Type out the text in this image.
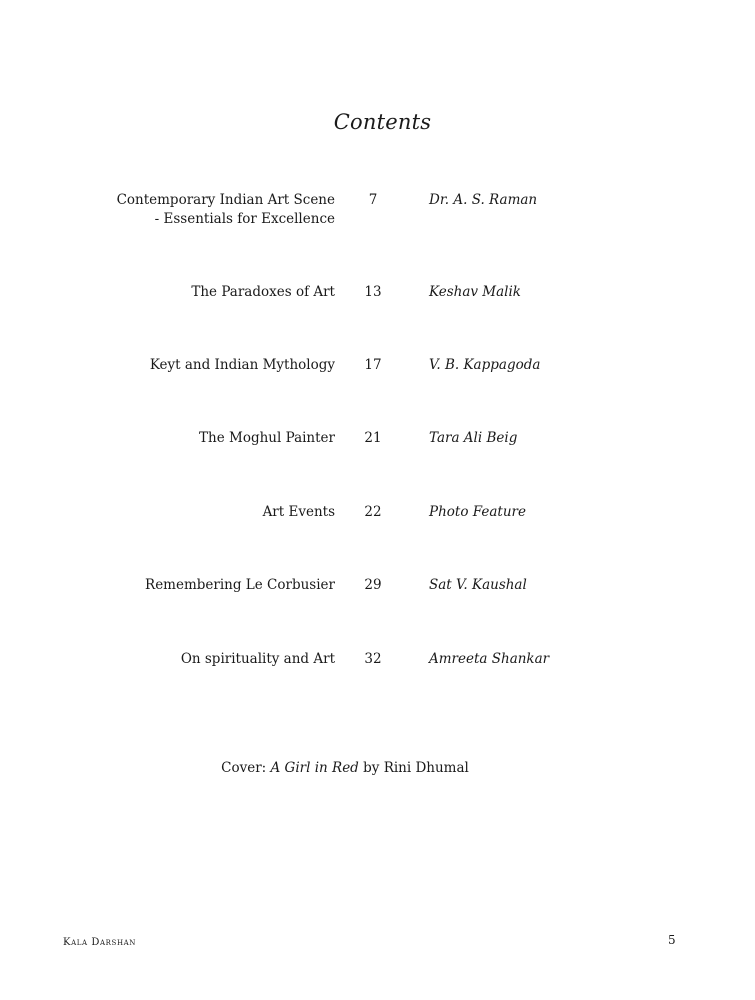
Contents
Contemporary Indian Art Scene
- Essentials for Excellence
7	Dr. A. S. Raman
The Paradoxes of Art	13	Keshav Malik
Keyt and Indian Mythology	17	V. B. Kappagoda
The Moghul Painter	21	Tara Ali Beig
Art Events	22	Photo Feature
Remembering Le Corbusier	29	Sat V. Kaushal
On spirituality and Art	32	Amreeta Shankar
Cover: A Girl in Red by Rini Dhumal
Kala Darshan	5
